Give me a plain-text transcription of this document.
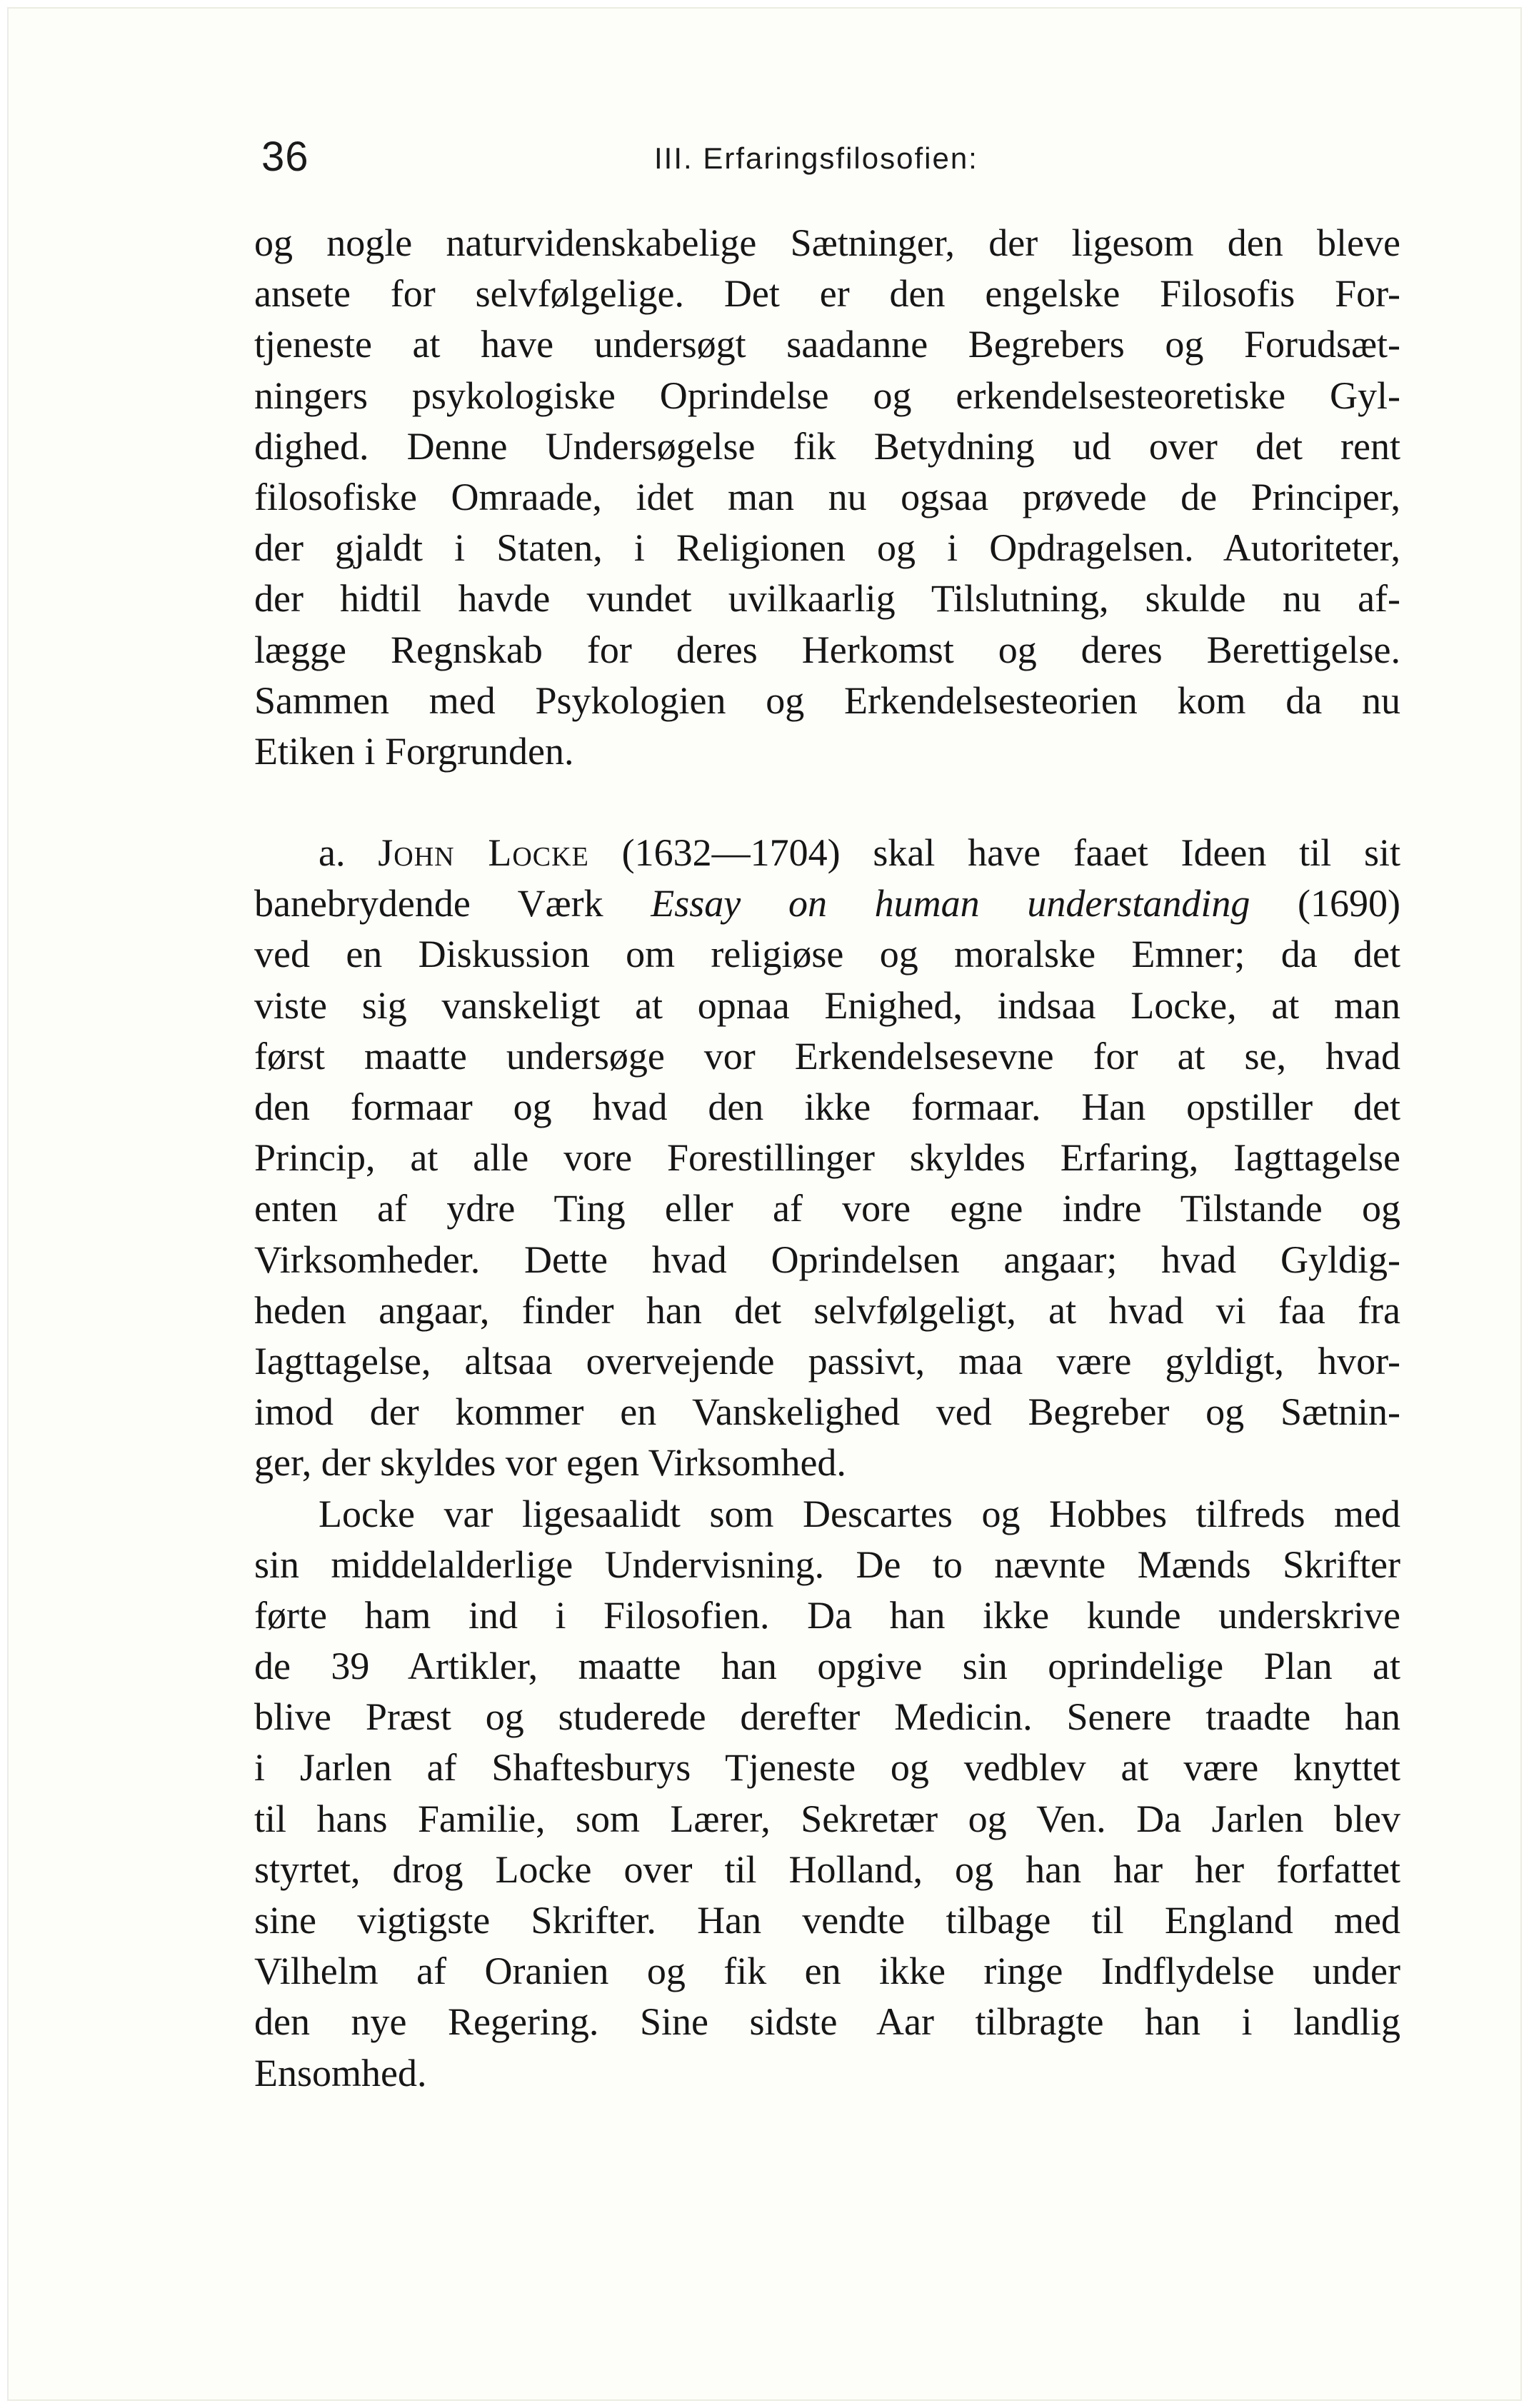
36	III. Erfaringsfilosofien:
og nogle naturvidenskabelige Sætninger, der ligesom den bleve
ansete for selvfølgelige. Det er den engelske Filosofis For-
tjeneste at have undersøgt saadanne Begrebers og Forudsæt-
ningers psykologiske Oprindelse og erkendelsesteoretiske Gyl-
dighed. Denne Undersøgelse fik Betydning ud over det rent
filosofiske Omraade, idet man nu ogsaa prøvede de Principer,
der gjaldt i Staten, i Religionen og i Opdragelsen. Autoriteter,
der hidtil havde vundet uvilkaarlig Tilslutning, skulde nu af-
lægge Regnskab for deres Herkomst og deres Berettigelse.
Sammen med Psykologien og Erkendelsesteorien kom da nu
Etiken i Forgrunden.
a. John Locke (1632—1704) skal have faaet Ideen til sit
banebrydende Værk Essay on human understanding (1690)
ved en Diskussion om religiøse og moralske Emner; da det
viste sig vanskeligt at opnaa Enighed, indsaa Locke, at man
først maatte undersøge vor Erkendelsesevne for at se, hvad
den formaar og hvad den ikke formaar. Han opstiller det
Princip, at alle vore Forestillinger skyldes Erfaring, Iagttagelse
enten af ydre Ting eller af vore egne indre Tilstande og
Virksomheder. Dette hvad Oprindelsen angaar; hvad Gyldig-
heden angaar, finder han det selvfølgeligt, at hvad vi faa fra
Iagttagelse, altsaa overvejende passivt, maa være gyldigt, hvor-
imod der kommer en Vanskelighed ved Begreber og Sætnin-
ger, der skyldes vor egen Virksomhed.
Locke var ligesaalidt som Descartes og Hobbes tilfreds med
sin middelalderlige Undervisning. De to nævnte Mænds Skrifter
førte ham ind i Filosofien. Da han ikke kunde underskrive
de 39 Artikler, maatte han opgive sin oprindelige Plan at
blive Præst og studerede derefter Medicin. Senere traadte han
i Jarlen af Shaftesburys Tjeneste og vedblev at være knyttet
til hans Familie, som Lærer, Sekretær og Ven. Da Jarlen blev
styrtet, drog Locke over til Holland, og han har her forfattet
sine vigtigste Skrifter. Han vendte tilbage til England med
Vilhelm af Oranien og fik en ikke ringe Indflydelse under
den nye Regering. Sine sidste Aar tilbragte han i landlig
Ensomhed.
